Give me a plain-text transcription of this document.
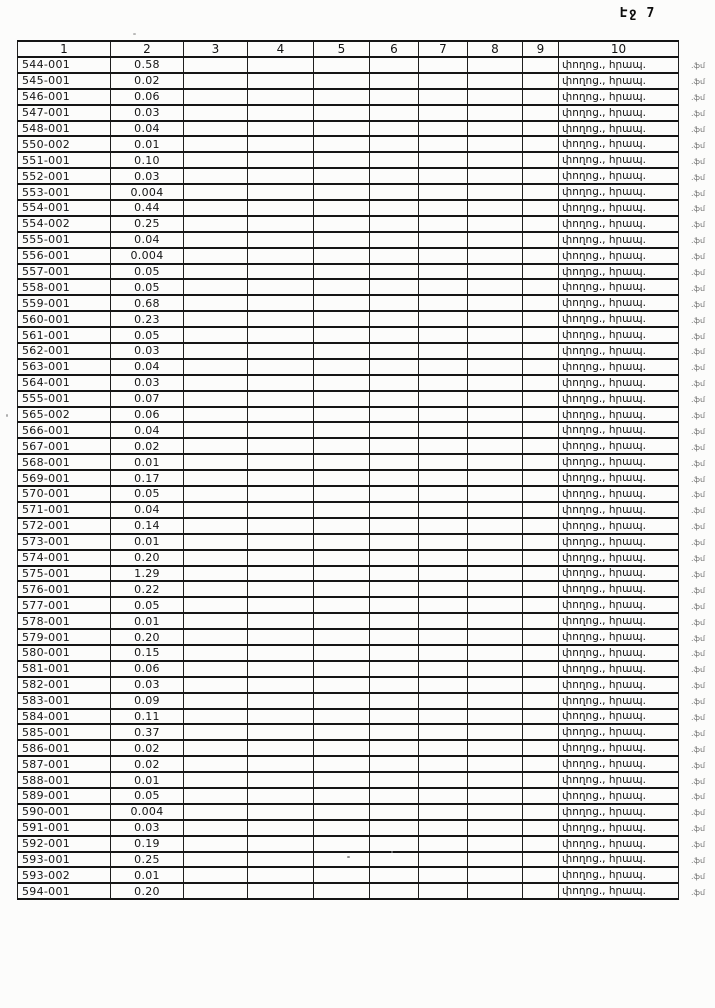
Էջ 7
1	2	3	4	5	6	7	8	9	10	
544-001	0.58								փողոց., հրապ.	.ֆմ
545-001	0.02								փողոց., հրապ.	.ֆմ
546-001	0.06								փողոց., հրապ.	.ֆմ
547-001	0.03								փողոց., հրապ.	.ֆմ
548-001	0.04								փողոց., հրապ.	.ֆմ
550-002	0.01								փողոց., հրապ.	.ֆմ
551-001	0.10								փողոց., հրապ.	.ֆմ
552-001	0.03								փողոց., հրապ.	.ֆմ
553-001	0.004								փողոց., հրապ.	.ֆմ
554-001	0.44								փողոց., հրապ.	.ֆմ
554-002	0.25								փողոց., հրապ.	.ֆմ
555-001	0.04								փողոց., հրապ.	.ֆմ
556-001	0.004								փողոց., հրապ.	.ֆմ
557-001	0.05								փողոց., հրապ.	.ֆմ
558-001	0.05								փողոց., հրապ.	.ֆմ
559-001	0.68								փողոց., հրապ.	.ֆմ
560-001	0.23								փողոց., հրապ.	.ֆմ
561-001	0.05								փողոց., հրապ.	.ֆմ
562-001	0.03								փողոց., հրապ.	.ֆմ
563-001	0.04								փողոց., հրապ.	.ֆմ
564-001	0.03								փողոց., հրապ.	.ֆմ
555-001	0.07								փողոց., հրապ.	.ֆմ
565-002	0.06								փողոց., հրապ.	.ֆմ
566-001	0.04								փողոց., հրապ.	.ֆմ
567-001	0.02								փողոց., հրապ.	.ֆմ
568-001	0.01								փողոց., հրապ.	.ֆմ
569-001	0.17								փողոց., հրապ.	.ֆմ
570-001	0.05								փողոց., հրապ.	.ֆմ
571-001	0.04								փողոց., հրապ.	.ֆմ
572-001	0.14								փողոց., հրապ.	.ֆմ
573-001	0.01								փողոց., հրապ.	.ֆմ
574-001	0.20								փողոց., հրապ.	.ֆմ
575-001	1.29								փողոց., հրապ.	.ֆմ
576-001	0.22								փողոց., հրապ.	.ֆմ
577-001	0.05								փողոց., հրապ.	.ֆմ
578-001	0.01								փողոց., հրապ.	.ֆմ
579-001	0.20								փողոց., հրապ.	.ֆմ
580-001	0.15								փողոց., հրապ.	.ֆմ
581-001	0.06								փողոց., հրապ.	.ֆմ
582-001	0.03								փողոց., հրապ.	.ֆմ
583-001	0.09								փողոց., հրապ.	.ֆմ
584-001	0.11								փողոց., հրապ.	.ֆմ
585-001	0.37								փողոց., հրապ.	.ֆմ
586-001	0.02								փողոց., հրապ.	.ֆմ
587-001	0.02								փողոց., հրապ.	.ֆմ
588-001	0.01								փողոց., հրապ.	.ֆմ
589-001	0.05								փողոց., հրապ.	.ֆմ
590-001	0.004								փողոց., հրապ.	.ֆմ
591-001	0.03								փողոց., հրապ.	.ֆմ
592-001	0.19								փողոց., հրապ.	.ֆմ
593-001	0.25								փողոց., հրապ.	.ֆմ
593-002	0.01								փողոց., հրապ.	.ֆմ
594-001	0.20								փողոց., հրապ.	.ֆմ
